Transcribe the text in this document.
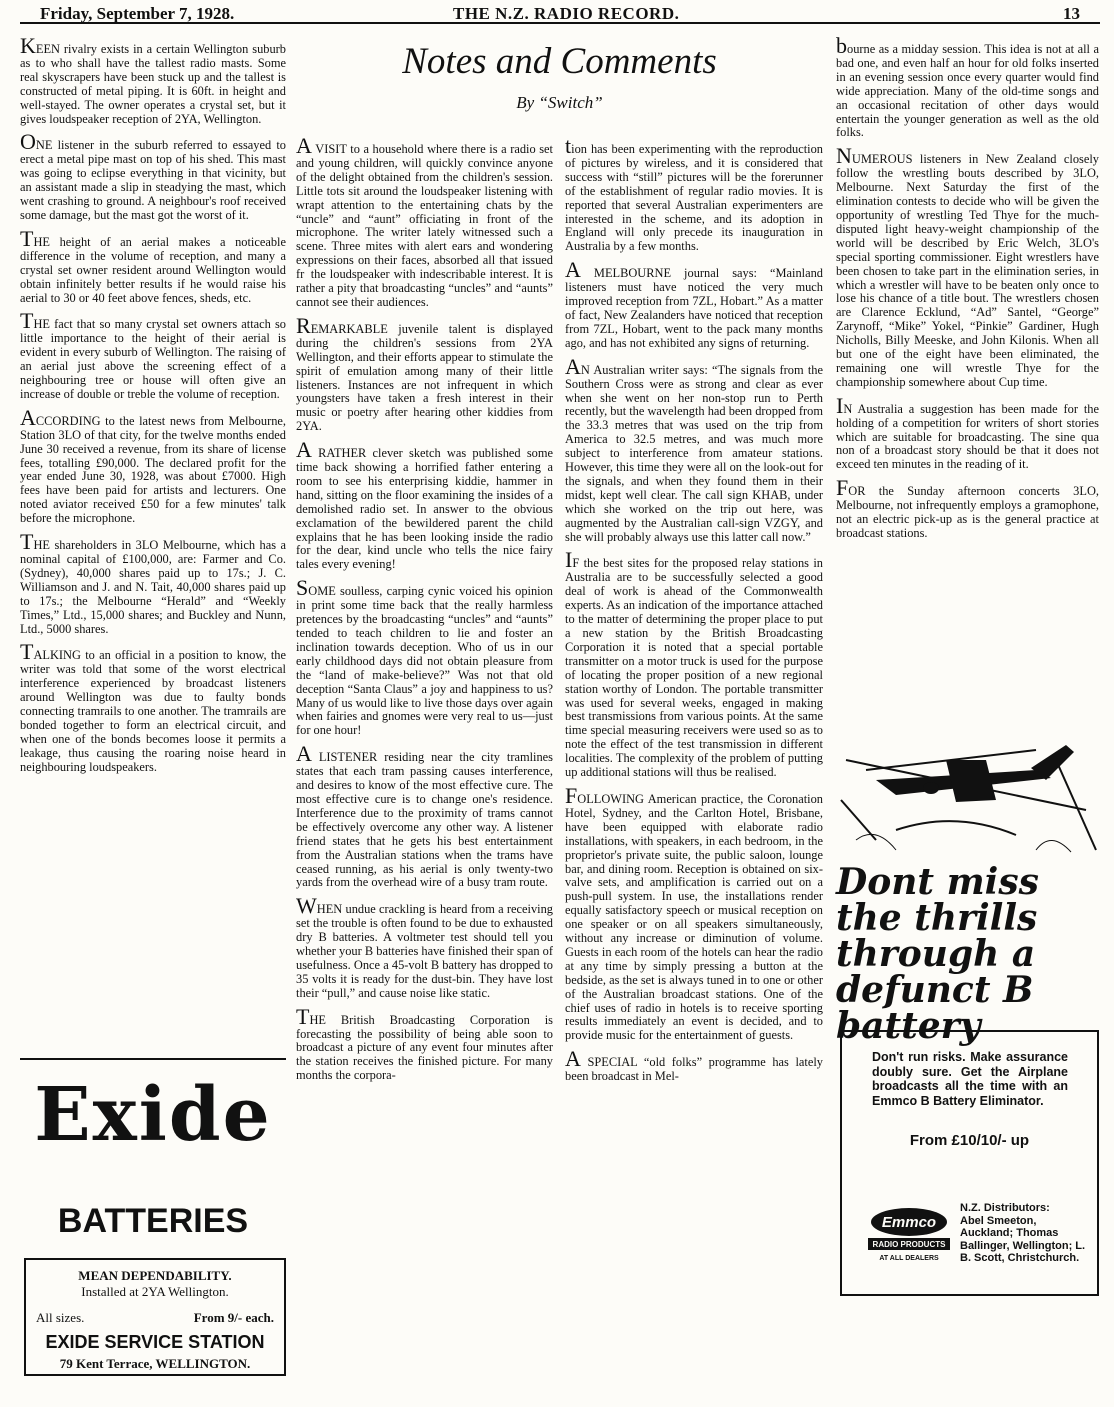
Friday, September 7, 1928.	THE N.Z. RADIO RECORD.	13
Notes and Comments
By “Switch”

KEEN rivalry exists in a certain Wellington suburb as to who shall have the tallest radio masts. Some real skyscrapers have been stuck up and the tallest is constructed of metal piping. It is 60ft. in height and well-stayed. The owner operates a crystal set, but it gives loudspeaker reception of 2YA, Wellington.

ONE listener in the suburb referred to essayed to erect a metal pipe mast on top of his shed. This mast was going to eclipse everything in that vicinity, but an assistant made a slip in steadying the mast, which went crashing to ground. A neighbour's roof received some damage, but the mast got the worst of it.

THE height of an aerial makes a noticeable difference in the volume of reception, and many a crystal set owner resident around Wellington would obtain infinitely better results if he would raise his aerial to 30 or 40 feet above fences, sheds, etc.

THE fact that so many crystal set owners attach so little importance to the height of their aerial is evident in every suburb of Wellington. The raising of an aerial just above the screening effect of a neighbouring tree or house will often give an increase of double or treble the volume of reception.

ACCORDING to the latest news from Melbourne, Station 3LO of that city, for the twelve months ended June 30 received a revenue, from its share of license fees, totalling £90,000. The declared profit for the year ended June 30, 1928, was about £7000. High fees have been paid for artists and lecturers. One noted aviator received £50 for a few minutes' talk before the microphone.

THE shareholders in 3LO Melbourne, which has a nominal capital of £100,000, are: Farmer and Co. (Sydney), 40,000 shares paid up to 17s.; J. C. Williamson and J. and N. Tait, 40,000 shares paid up to 17s.; the Melbourne “Herald” and “Weekly Times,” Ltd., 15,000 shares; and Buckley and Nunn, Ltd., 5000 shares.

TALKING to an official in a position to know, the writer was told that some of the worst electrical interference experienced by broadcast listeners around Wellington was due to faulty bonds connecting tramrails to one another. The tramrails are bonded together to form an electrical circuit, and when one of the bonds becomes loose it permits a leakage, thus causing the roaring noise heard in neighbouring loudspeakers.

A VISIT to a household where there is a radio set and young children, will quickly convince anyone of the delight obtained from the children's session. Little tots sit around the loudspeaker listening with wrapt attention to the entertaining chats by the “uncle” and “aunt” officiating in front of the microphone. The writer lately witnessed such a scene. Three mites with alert ears and wondering expressions on their faces, absorbed all that issued fr  the loudspeaker with indescribable interest. It is rather a pity that broadcasting “uncles” and “aunts” cannot see their audiences.

REMARKABLE juvenile talent is displayed during the children's sessions from 2YA Wellington, and their efforts appear to stimulate the spirit of emulation among many of their little listeners. Instances are not infrequent in which youngsters have taken a fresh interest in their music or poetry after hearing other kiddies from 2YA.

A RATHER clever sketch was published some time back showing a horrified father entering a room to see his enterprising kiddie, hammer in hand, sitting on the floor examining the insides of a demolished radio set. In answer to the obvious exclamation of the bewildered parent the child explains that he has been looking inside the radio for the dear, kind uncle who tells the nice fairy tales every evening!

SOME soulless, carping cynic voiced his opinion in print some time back that the really harmless pretences by the broadcasting “uncles” and “aunts” tended to teach children to lie and foster an inclination towards deception. Who of us in our early childhood days did not obtain pleasure from the “land of make-believe?” Was not that old deception “Santa Claus” a joy and happiness to us? Many of us would like to live those days over again when fairies and gnomes were very real to us—just for one hour!

A LISTENER residing near the city tramlines states that each tram passing causes interference, and desires to know of the most effective cure. The most effective cure is to change one's residence. Interference due to the proximity of trams cannot be effectively overcome any other way. A listener friend states that he gets his best entertainment from the Australian stations when the trams have ceased running, as his aerial is only twenty-two yards from the overhead wire of a busy tram route.

WHEN undue crackling is heard from a receiving set the trouble is often found to be due to exhausted dry B batteries. A voltmeter test should tell you whether your B batteries have finished their span of usefulness. Once a 45-volt B battery has dropped to 35 volts it is ready for the dust-bin. They have lost their “pull,” and cause noise like static.

THE British Broadcasting Corporation is forecasting the possibility of being able soon to broadcast a picture of any event four minutes after the station receives the finished picture. For many months the corpora-

tion has been experimenting with the reproduction of pictures by wireless, and it is considered that success with “still” pictures will be the forerunner of the establishment of regular radio movies. It is reported that several Australian experimenters are interested in the scheme, and its adoption in England will only precede its inauguration in Australia by a few months.

A MELBOURNE journal says: “Mainland listeners must have noticed the very much improved reception from 7ZL, Hobart.” As a matter of fact, New Zealanders have noticed that reception from 7ZL, Hobart, went to the pack many months ago, and has not exhibited any signs of returning.

AN Australian writer says: “The signals from the Southern Cross were as strong and clear as ever when she went on her non-stop run to Perth recently, but the wavelength had been dropped from the 33.3 metres that was used on the trip from America to 32.5 metres, and was much more subject to interference from amateur stations. However, this time they were all on the look-out for the signals, and when they found them in their midst, kept well clear. The call sign KHAB, under which she worked on the trip out here, was augmented by the Australian call-sign VZGY, and she will probably always use this latter call now.”

IF the best sites for the proposed relay stations in Australia are to be successfully selected a good deal of work is ahead of the Commonwealth experts. As an indication of the importance attached to the matter of determining the proper place to put a new station by the British Broadcasting Corporation it is noted that a special portable transmitter on a motor truck is used for the purpose of locating the proper position of a new regional station worthy of London. The portable transmitter was used for several weeks, engaged in making best transmissions from various points. At the same time special measuring receivers were used so as to note the effect of the test transmission in different localities. The complexity of the problem of putting up additional stations will thus be realised.

FOLLOWING American practice, the Coronation Hotel, Sydney, and the Carlton Hotel, Brisbane, have been equipped with elaborate radio installations, with speakers, in each bedroom, in the proprietor's private suite, the public saloon, lounge bar, and dining room. Reception is obtained on six-valve sets, and amplification is carried out on a push-pull system. In use, the installations render equally satisfactory speech or musical reception on one speaker or on all speakers simultaneously, without any increase or diminution of volume. Guests in each room of the hotels can hear the radio at any time by simply pressing a button at the bedside, as the set is always tuned in to one or other of the Australian broadcast stations. One of the chief uses of radio in hotels is to receive sporting results immediately an event is decided, and to provide music for the entertainment of guests.

A SPECIAL “old folks” programme has lately been broadcast in Mel-

bourne as a midday session. This idea is not at all a bad one, and even half an hour for old folks inserted in an evening session once every quarter would find wide appreciation. Many of the old-time songs and an occasional recitation of other days would entertain the younger generation as well as the old folks.

NUMEROUS listeners in New Zealand closely follow the wrestling bouts described by 3LO, Melbourne. Next Saturday the first of the elimination contests to decide who will be given the opportunity of wrestling Ted Thye for the much-disputed light heavy-weight championship of the world will be described by Eric Welch, 3LO's special sporting commissioner. Eight wrestlers have been chosen to take part in the elimination series, in which a wrestler will have to be beaten only once to lose his chance of a title bout. The wrestlers chosen are Clarence Ecklund, “Ad” Santel, “George” Zarynoff, “Mike” Yokel, “Pinkie” Gardiner, Hugh Nicholls, Billy Meeske, and John Kilonis. When all but one of the eight have been eliminated, the remaining one will wrestle Thye for the championship somewhere about Cup time.

IN Australia a suggestion has been made for the holding of a competition for writers of short stories which are suitable for broadcasting. The sine qua non of a broadcast story should be that it does not exceed ten minutes in the reading of it.

FOR the Sunday afternoon concerts 3LO, Melbourne, not infrequently employs a gramophone, not an electric pick-up as is the general practice at broadcast stations.

Exide
BATTERIES
MEAN DEPENDABILITY.
Installed at 2YA Wellington.
All sizes.	From 9/- each.
EXIDE SERVICE STATION
79 Kent Terrace, WELLINGTON.
Dont miss the thrills through a defunct B battery
Don't run risks. Make assurance doubly sure. Get the Airplane broadcasts all the time with an Emmco B Battery Eliminator.
From £10/10/- up
Emmco
RADIO PRODUCTS
AT ALL DEALERS
N.Z. Distributors:
Abel Smeeton, Auckland; Thomas Ballinger, Wellington; L. B. Scott, Christchurch.
